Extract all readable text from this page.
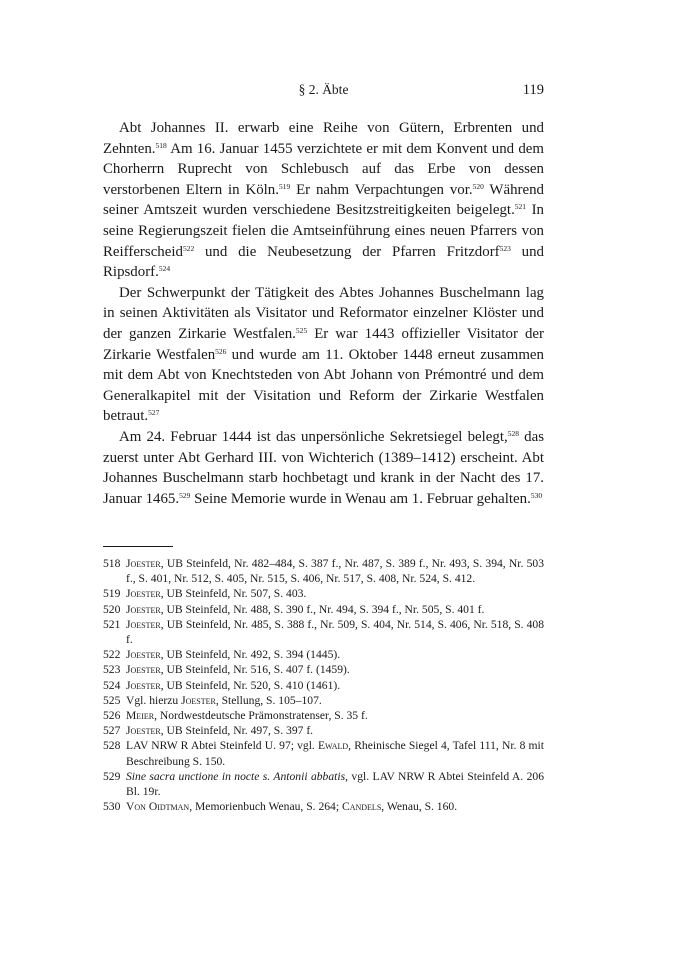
§ 2. Äbte	119

Abt Johannes II. erwarb eine Reihe von Gütern, Erbrenten und Zehnten.$^{518}$ Am 16. Januar 1455 verzichtete er mit dem Konvent und dem Chorherrn Ruprecht von Schlebusch auf das Erbe von dessen verstorbenen Eltern in Köln.$^{519}$ Er nahm Verpachtungen vor.$^{520}$ Während seiner Amtszeit wurden verschiedene Besitzstreitigkeiten beigelegt.$^{521}$ In seine Regierungszeit fielen die Amtseinführung eines neuen Pfarrers von Reifferscheid$^{522}$ und die Neubesetzung der Pfarren Fritzdorf$^{523}$ und Ripsdorf.$^{524}$

Der Schwerpunkt der Tätigkeit des Abtes Johannes Buschelmann lag in seinen Aktivitäten als Visitator und Reformator einzelner Klöster und der ganzen Zirkarie Westfalen.$^{525}$ Er war 1443 offizieller Visitator der Zirkarie Westfalen$^{526}$ und wurde am 11. Oktober 1448 erneut zusammen mit dem Abt von Knechtsteden von Abt Johann von Prémontré und dem Generalkapitel mit der Visitation und Reform der Zirkarie Westfalen betraut.$^{527}$

Am 24. Februar 1444 ist das unpersönliche Sekretsiegel belegt,$^{528}$ das zuerst unter Abt Gerhard III. von Wichterich (1389–1412) erscheint. Abt Johannes Buschelmann starb hochbetagt und krank in der Nacht des 17. Januar 1465.$^{529}$ Seine Memorie wurde in Wenau am 1. Februar gehalten.$^{530}$

518 Joester, UB Steinfeld, Nr. 482–484, S. 387 f., Nr. 487, S. 389 f., Nr. 493, S. 394, Nr. 503 f., S. 401, Nr. 512, S. 405, Nr. 515, S. 406, Nr. 517, S. 408, Nr. 524, S. 412.
519 Joester, UB Steinfeld, Nr. 507, S. 403.
520 Joester, UB Steinfeld, Nr. 488, S. 390 f., Nr. 494, S. 394 f., Nr. 505, S. 401 f.
521 Joester, UB Steinfeld, Nr. 485, S. 388 f., Nr. 509, S. 404, Nr. 514, S. 406, Nr. 518, S. 408 f.
522 Joester, UB Steinfeld, Nr. 492, S. 394 (1445).
523 Joester, UB Steinfeld, Nr. 516, S. 407 f. (1459).
524 Joester, UB Steinfeld, Nr. 520, S. 410 (1461).
525 Vgl. hierzu Joester, Stellung, S. 105–107.
526 Meier, Nordwestdeutsche Prämonstratenser, S. 35 f.
527 Joester, UB Steinfeld, Nr. 497, S. 397 f.
528 LAV NRW R Abtei Steinfeld U. 97; vgl. Ewald, Rheinische Siegel 4, Tafel 111, Nr. 8 mit Beschreibung S. 150.
529 Sine sacra unctione in nocte s. Antonii abbatis, vgl. LAV NRW R Abtei Steinfeld A. 206 Bl. 19r.
530 Von Oidtman, Memorienbuch Wenau, S. 264; Candels, Wenau, S. 160.
